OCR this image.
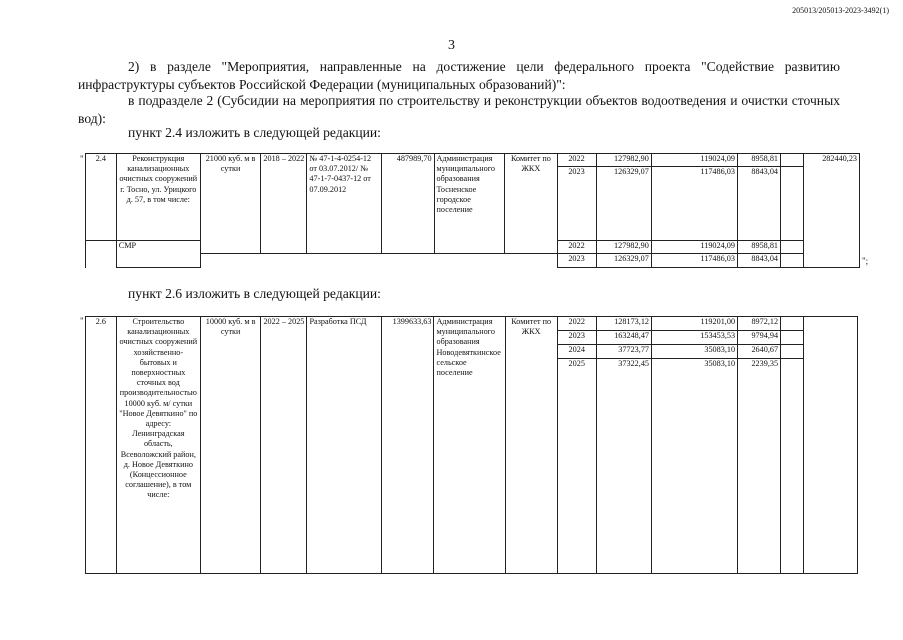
205013/205013-2023-3492(1)
3
2) в разделе "Мероприятия, направленные на достижение цели федерального проекта "Содействие развитию инфраструктуры субъектов Российской Федерации (муниципальных образований)":
в подразделе 2 (Субсидии на мероприятия по строительству и реконструкции объектов водоотведения и очистки сточных вод):
пункт 2.4 изложить в следующей редакции:
"
";
2.4	Реконструкция канализационных очистных сооружений г. Тосно, ул. Урицкого д. 57, в том числе:	21000 куб. м в сутки	2018 – 2022	№ 47-1-4-0254-12 от 03.07.2012/ № 47-1-7-0437-12 от 07.09.2012	487989,70	Администрация муниципального образования Тосненское городское поселение	Комитет по ЖКХ	2022	127982,90	119024,09	8958,81		282440,23
								2023	126329,07	117486,03	8843,04		
	СМР							2022	127982,90	119024,09	8958,81		
								2023	126329,07	117486,03	8843,04		

пункт 2.6 изложить в следующей редакции:
" 2.6	Строительство канализационных очистных сооружений хозяйственно-бытовых и поверхностных сточных вод производительностью 10000 куб. м/ сутки "Новое Девяткино" по адресу: Ленинградская область, Всеволожский район, д. Новое Девяткино (Концессионное соглашение), в том числе:	10000 куб. м в сутки	2022 – 2025	Разработка ПСД	1399633,63	Администрация муниципального образования Новодевяткинское сельское поселение	Комитет по ЖКХ	2022	128173,12	119201,00	8972,12		
								2023	163248,47	153453,53	9794,94		
								2024	37723,77	35083,10	2640,67		
								2025	37322,45	35083,10	2239,35		
